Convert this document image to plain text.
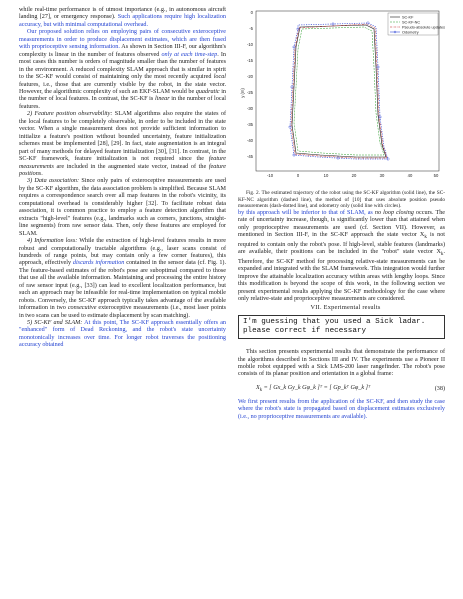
while real-time performance is of utmost importance (e.g., in autonomous aircraft landing [27], or emergency response). Such applications require high localization accuracy, but with minimal computational overhead.

Our proposed solution relies on employing pairs of consecutive exteroceptive measurements in order to produce displacement estimates, which are then fused with proprioceptive sensing information. As shown in Section III-F, our algorithm's complexity is linear in the number of features observed only at each time-step. In most cases this number is orders of magnitude smaller than the number of features in the environment. A reduced complexity SLAM approach that is similar in spirit to the SC-KF would consist of maintaining only the most recently acquired local features, i.e., those that are currently visible by the robot, in the state vector. However, the algorithmic complexity of such an EKF-SLAM would be quadratic in the number of local features. In contrast, the SC-KF is linear in the number of local features.

2) Feature position observability: SLAM algorithms also require the states of the local features to be completely observable, in order to be included in the state vector. When a single measurement does not provide sufficient information to initialize a feature's position without bounded uncertainty, feature initialization schemes must be implemented [28], [29]. In fact, state augmentation is an integral part of many methods for delayed feature initialization [30], [31]. In contrast, in the SC-KF framework, feature initialization is not required since the feature measurements are included in the augmented state vector, instead of the feature positions.

3) Data association: Since only pairs of exteroceptive measurements are used by the SC-KF algorithm, the data association problem is simplified. Because SLAM requires a correspondence search over all map features in the robot's vicinity, its computational overhead is considerably higher [32]. To facilitate robust data association, it is common practice to employ a feature detection algorithm that extracts "high-level" features (e.g., landmarks such as corners, junctions, straight-line segments) from raw sensor data. Then, only these features are employed for SLAM.

4) Information loss: While the extraction of high-level features results in more robust and computationally tractable algorithms (e.g., laser scans consist of hundreds of range points, but may contain only a few corner features), this approach, effectively discards information contained in the sensor data (cf. Fig. 1). The feature-based estimates of the robot's pose are suboptimal compared to those that use all the available information. Maintaining and processing the entire history of raw sensor input (e.g., [33]) can lead to excellent localization performance, but such an approach may be infeasible for real-time implementation on typical mobile robots. Conversely, the SC-KF approach typically takes advantage of the available information in two consecutive exteroceptive measurements (i.e., most laser points in two scans can be used to estimate displacement by scan matching).

5) SC-KF and SLAM: At this point, The SC-KF approach essentially offers an "enhanced" form of Dead Reckoning, and the robot's state uncertainty monotonically increases over time. For longer robot traverses the positioning accuracy obtained

0
-5
-10
-15
-20
-25
-30
-35
-40
-45
y (m)
-10	0	10	20	30	40	50
SC-KF
SC-KF-NC
Pseudo-absolute updates
Odometry

Fig. 2. The estimated trajectory of the robot using the SC-KF algorithm (solid line), the SC-KF-NC algorithm (dashed line), the method of [10] that uses absolute position pseudo measurements (dash-dotted line), and odometry only (solid line with circles).

by this approach will be inferior to that of SLAM, as no loop closing occurs. The rate of uncertainty increase, though, is significantly lower than that attained when only proprioceptive measurements are used (cf. Section VII). However, as mentioned in Section III-F, in the SC-KF approach the state vector $X_k$ is not required to contain only the robot's pose. If high-level, stable features (landmarks) are available, their positions can be included in the "robot" state vector $X_k$. Therefore, the SC-KF method for processing relative-state measurements can be expanded and integrated with the SLAM framework. This integration would further improve the attainable localization accuracy within areas with lengthy loops. Since this modification is beyond the scope of this work, in the following section we present experimental results applying the SC-KF methodology for the case where only relative-state and proprioceptive measurements are considered.

VII. Experimental results

I'm guessing that you used a Sick ladar. please correct if necessary

This section presents experimental results that demonstrate the performance of the algorithms described in Sections III and IV. The experiments use a Pioneer II mobile robot equipped with a Sick LMS-200 laser rangefinder. The robot's pose consists of its planar position and orientation in a global frame:

$X_k$ = [ Gx_k Gy_k Gφ_k ]ᵀ = [ Gp_kᵀ Gφ_k ]ᵀ	(38)

We first present results from the application of the SC-KF, and then study the case where the robot's state is propagated based on displacement estimates exclusively (i.e., no proprioceptive measurements are available).
